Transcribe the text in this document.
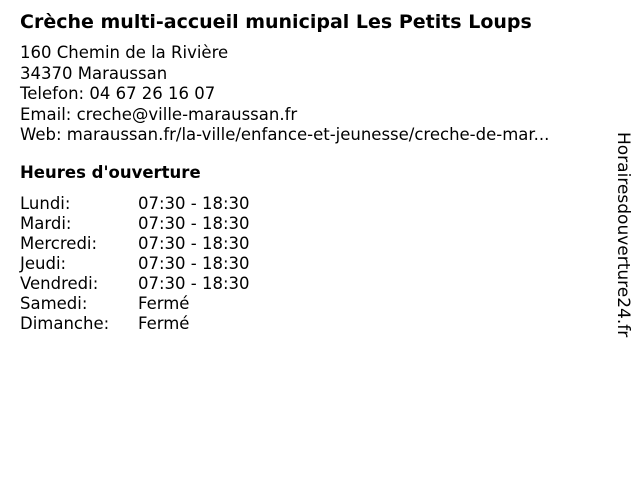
Crèche multi-accueil municipal Les Petits Loups
160 Chemin de la Rivière
34370 Maraussan
Telefon: 04 67 26 16 07
Email: creche@ville-maraussan.fr
Web: maraussan.fr/la-ville/enfance-et-jeunesse/creche-de-mar...
Heures d'ouverture
Lundi:	07:30 - 18:30
Mardi:	07:30 - 18:30
Mercredi:	07:30 - 18:30
Jeudi:	07:30 - 18:30
Vendredi:	07:30 - 18:30
Samedi:	Fermé
Dimanche:	Fermé	Horairesdouverture24.fr
